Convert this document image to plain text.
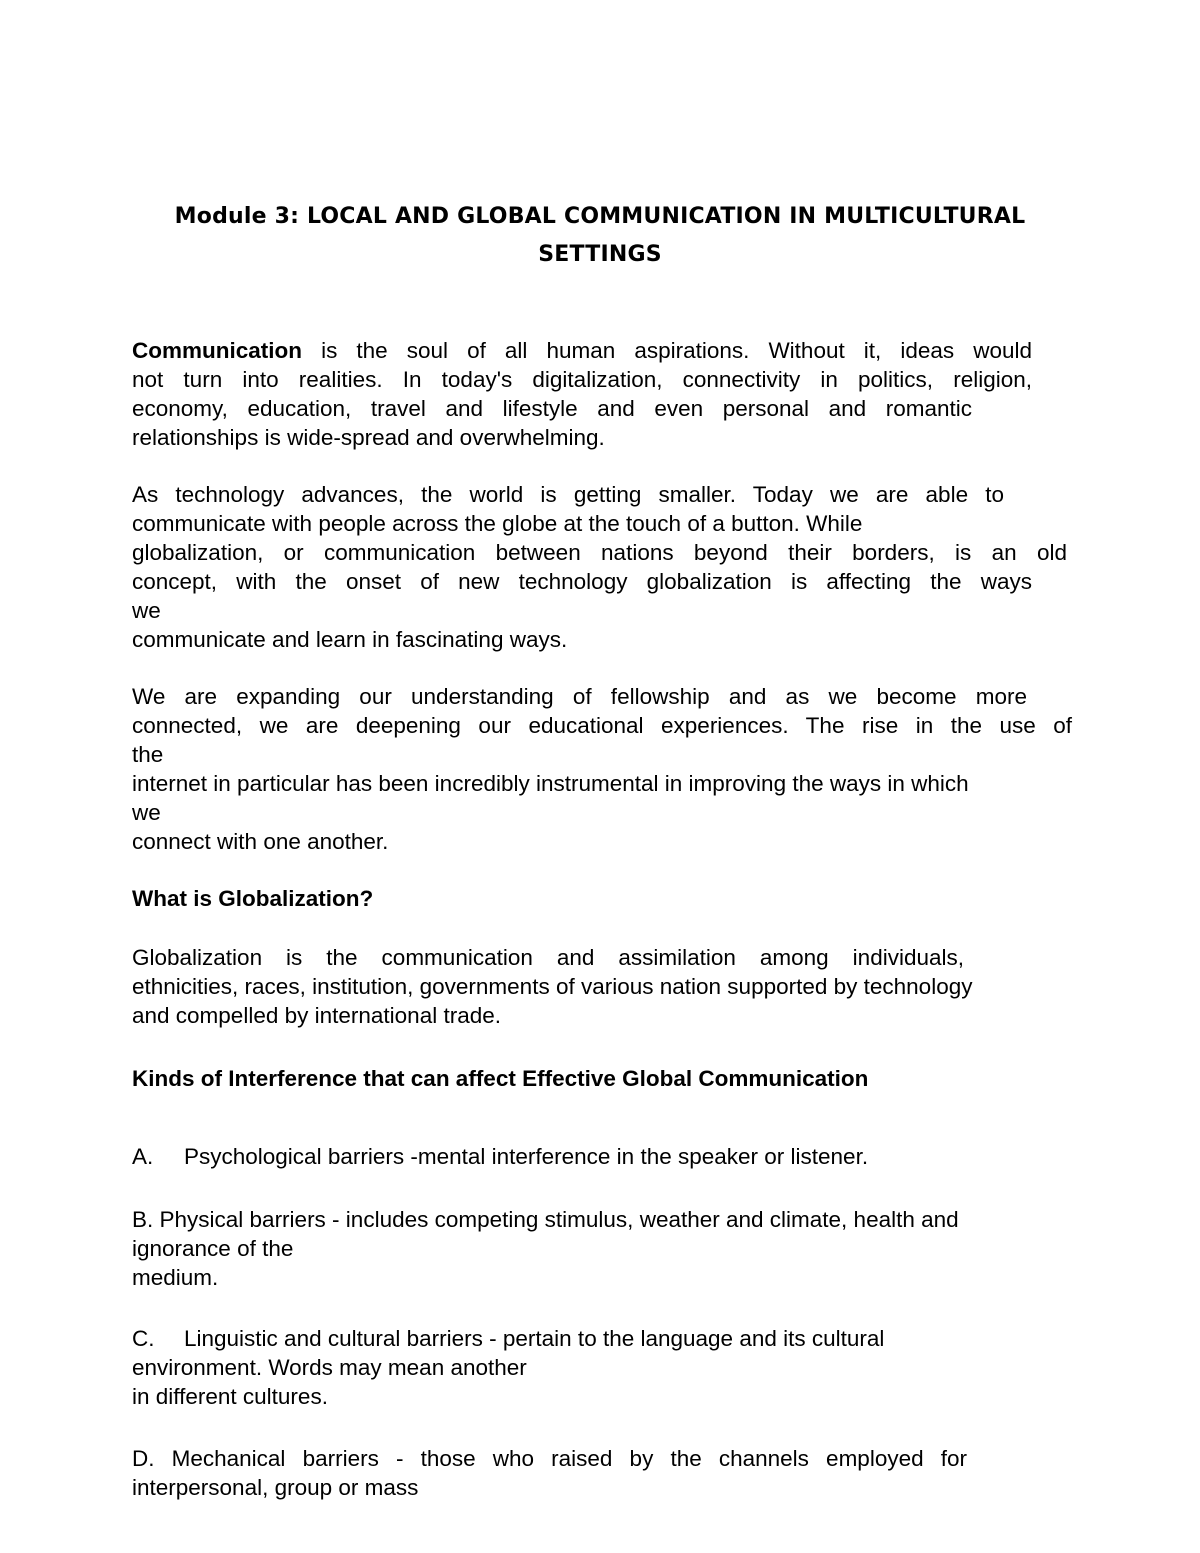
Module 3: LOCAL AND GLOBAL COMMUNICATION IN MULTICULTURAL
SETTINGS
Communication is the soul of all human aspirations. Without it, ideas would
not turn into realities. In today's digitalization, connectivity in politics, religion,
economy, education, travel and lifestyle and even personal and romantic
relationships is wide-spread and overwhelming.
As technology advances, the world is getting smaller. Today we are able to
communicate with people across the globe at the touch of a button. While
globalization, or communication between nations beyond their borders, is an old
concept, with the onset of new technology globalization is affecting the ways
we
communicate and learn in fascinating ways.
We are expanding our understanding of fellowship and as we become more
connected, we are deepening our educational experiences. The rise in the use of
the
internet in particular has been incredibly instrumental in improving the ways in which
we
connect with one another.
What is Globalization?
Globalization is the communication and assimilation among individuals,
ethnicities, races, institution, governments of various nation supported by technology
and compelled by international trade.
Kinds of Interference that can affect Effective Global Communication
A. Psychological barriers -mental interference in the speaker or listener.
B. Physical barriers - includes competing stimulus, weather and climate, health and
ignorance of the
medium.
C. Linguistic and cultural barriers - pertain to the language and its cultural
environment. Words may mean another
in different cultures.
D. Mechanical barriers - those who raised by the channels employed for
interpersonal, group or mass
